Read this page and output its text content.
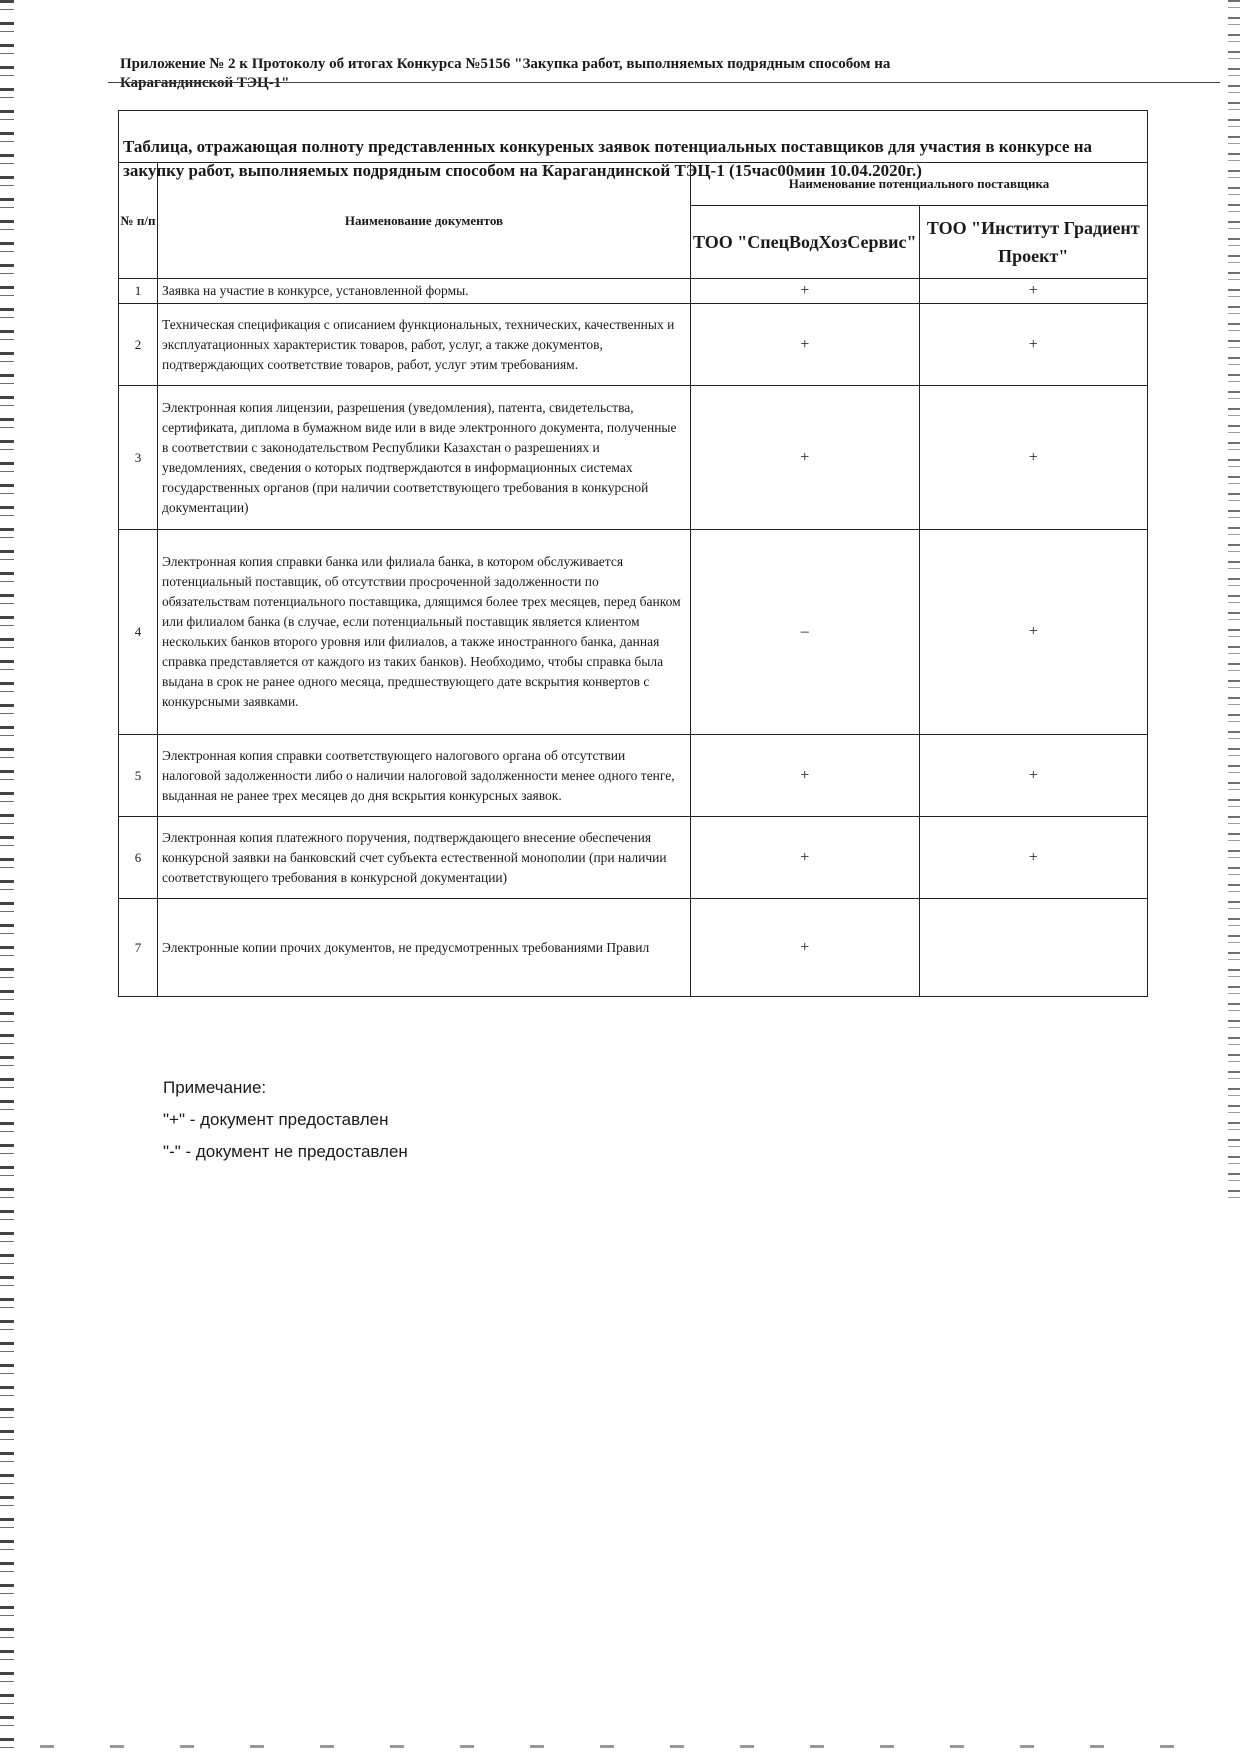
Приложение № 2 к Протоколу об итогах Конкурса №5156 "Закупка работ, выполняемых подрядным способом на
Карагандинской ТЭЦ-1"
Таблица, отражающая полноту представленных конкуреных заявок потенциальных поставщиков для участия в конкурсе на закупку работ, выполняемых подрядным способом на Карагандинской ТЭЦ-1 (15час00мин 10.04.2020г.)
№ п/п	Наименование документов	Наименование потенциального поставщика	
		ТОО "СпецВодХозСервис"	ТОО "Институт Градиент Проект"
1	Заявка на участие в конкурсе, установленной формы.	+	+
2	Техническая спецификация с описанием функциональных, технических, качественных и эксплуатационных характеристик товаров, работ, услуг, а также документов, подтверждающих соответствие товаров, работ, услуг этим требованиям.	+	+
3	Электронная копия лицензии, разрешения (уведомления), патента, свидетельства, сертификата, диплома в бумажном виде или в виде электронного документа, полученные в соответствии с законодательством Республики Казахстан о разрешениях и уведомлениях, сведения о которых подтверждаются в информационных системах государственных органов (при наличии соответствующего требования в конкурсной документации)	+	+
4	Электронная копия справки банка или филиала банка, в котором обслуживается потенциальный поставщик, об отсутствии просроченной задолженности по обязательствам потенциального поставщика, длящимся более трех месяцев, перед банком или филиалом банка (в случае, если потенциальный поставщик является клиентом нескольких банков второго уровня или филиалов, а также иностранного банка, данная справка представляется от каждого из таких банков). Необходимо, чтобы справка была выдана в срок не ранее одного месяца, предшествующего дате вскрытия конвертов с конкурсными заявками.	–	+
5	Электронная копия справки соответствующего налогового органа об отсутствии налоговой задолженности либо о наличии налоговой задолженности менее одного тенге, выданная не ранее трех месяцев до дня вскрытия конкурсных заявок.	+	+
6	Электронная копия платежного поручения, подтверждающего внесение обеспечения конкурсной заявки на банковский счет субъекта естественной монополии (при наличии соответствующего требования в конкурсной документации)	+	+
7	Электронные копии прочих документов, не предусмотренных требованиями Правил	+	
Примечание:
"+" - документ предоставлен
"-" - документ не предоставлен
